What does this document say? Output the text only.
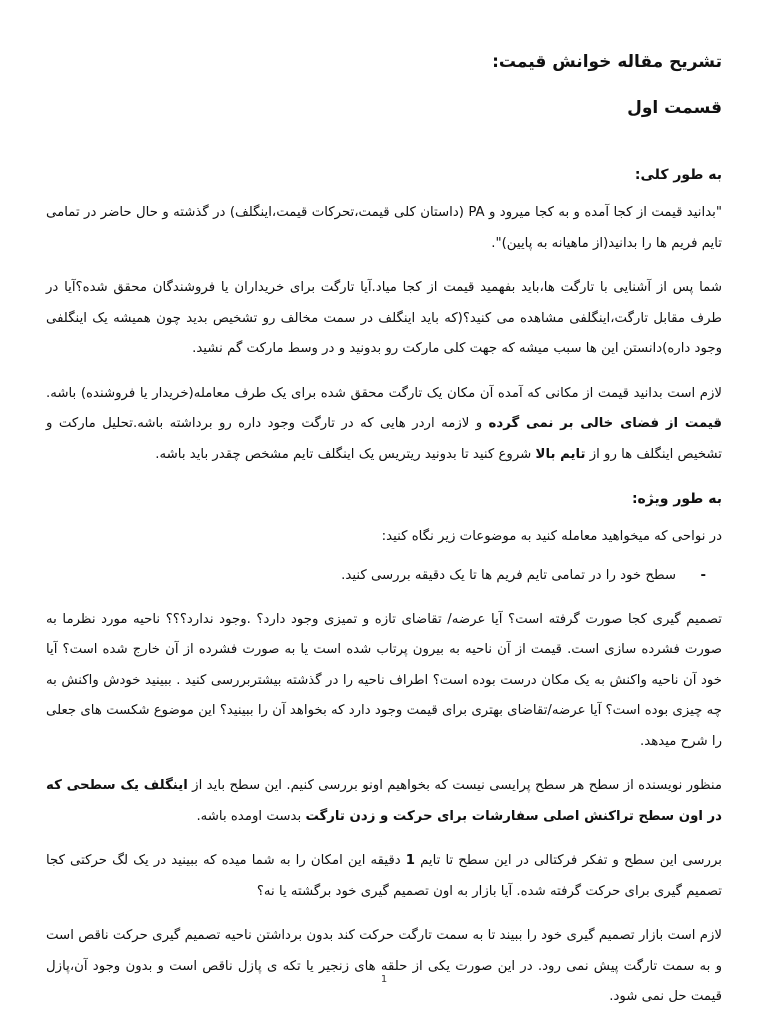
تشریح مقاله خوانش قیمت:
قسمت اول
به طور کلی:

"بدانید قیمت از کجا آمده و به کجا میرود و PA (داستان کلی قیمت،تحرکات قیمت،اینگلف) در گذشته و حال حاضر در تمامی تایم فریم ها را بدانید(از ماهیانه به پایین)".

شما پس از آشنایی با تارگت ها،باید بفهمید قیمت از کجا میاد.آیا تارگت برای خریداران یا فروشندگان محقق شده؟آیا در طرف مقابل تارگت،اینگلفی مشاهده می کنید؟(که باید اینگلف در سمت مخالف رو تشخیص بدید چون همیشه یک اینگلفی وجود داره)دانستن این ها سبب میشه که جهت کلی مارکت رو بدونید و در وسط مارکت گم نشید.

لازم است بدانید قیمت از مکانی که آمده آن مکان یک تارگت محقق شده برای یک طرف معامله(خریدار یا فروشنده) باشه. قیمت از فضای خالی بر نمی گرده و لازمه اردر هایی که در تارگت وجود داره رو برداشته باشه.تحلیل مارکت و تشخیص اینگلف ها رو از تایم بالا شروع کنید تا بدونید ریتریس یک اینگلف تایم مشخص چقدر باید باشه.

به طور ویژه:

در نواحی که میخواهید معامله کنید به موضوعات زیر نگاه کنید:

-
سطح خود را در تمامی تایم فریم ها تا یک دقیقه بررسی کنید.

تصمیم گیری کجا صورت گرفته است؟ آیا عرضه/ تقاضای تازه و تمیزی وجود دارد؟ .وجود ندارد؟؟؟ ناحیه مورد نظرما به صورت فشرده سازی است. قیمت از آن ناحیه به بیرون پرتاب شده است یا به صورت فشرده از آن خارج شده است؟ آیا خود آن ناحیه واکنش به یک مکان درست بوده است؟ اطراف ناحیه را در گذشته بیشتربررسی کنید . ببینید خودش واکنش به چه چیزی بوده است؟ آیا عرضه/تقاضای بهتری برای قیمت وجود دارد که بخواهد آن را ببینید؟ این موضوع شکست های جعلی را شرح میدهد.

منظور نویسنده از سطح هر سطح پرایسی نیست که بخواهیم اونو بررسی کنیم. این سطح باید از اینگلف یک سطحی که در اون سطح تراکنش اصلی سفارشات برای حرکت و زدن تارگت بدست اومده باشه.

بررسی این سطح و تفکر فرکتالی در این سطح تا تایم 1 دقیقه این امکان را به شما میده که ببینید در یک لگ حرکتی کجا تصمیم گیری برای حرکت گرفته شده. آیا بازار به اون تصمیم گیری خود برگشته یا نه؟

لازم است بازار تصمیم گیری خود را ببیند تا به سمت تارگت حرکت کند بدون برداشتن ناحیه تصمیم گیری حرکت ناقص است و به سمت تارگت پیش نمی رود. در این صورت یکی از حلقه های زنجیر یا تکه ی پازل ناقص است و بدون وجود آن،پازل قیمت حل نمی شود.

1
